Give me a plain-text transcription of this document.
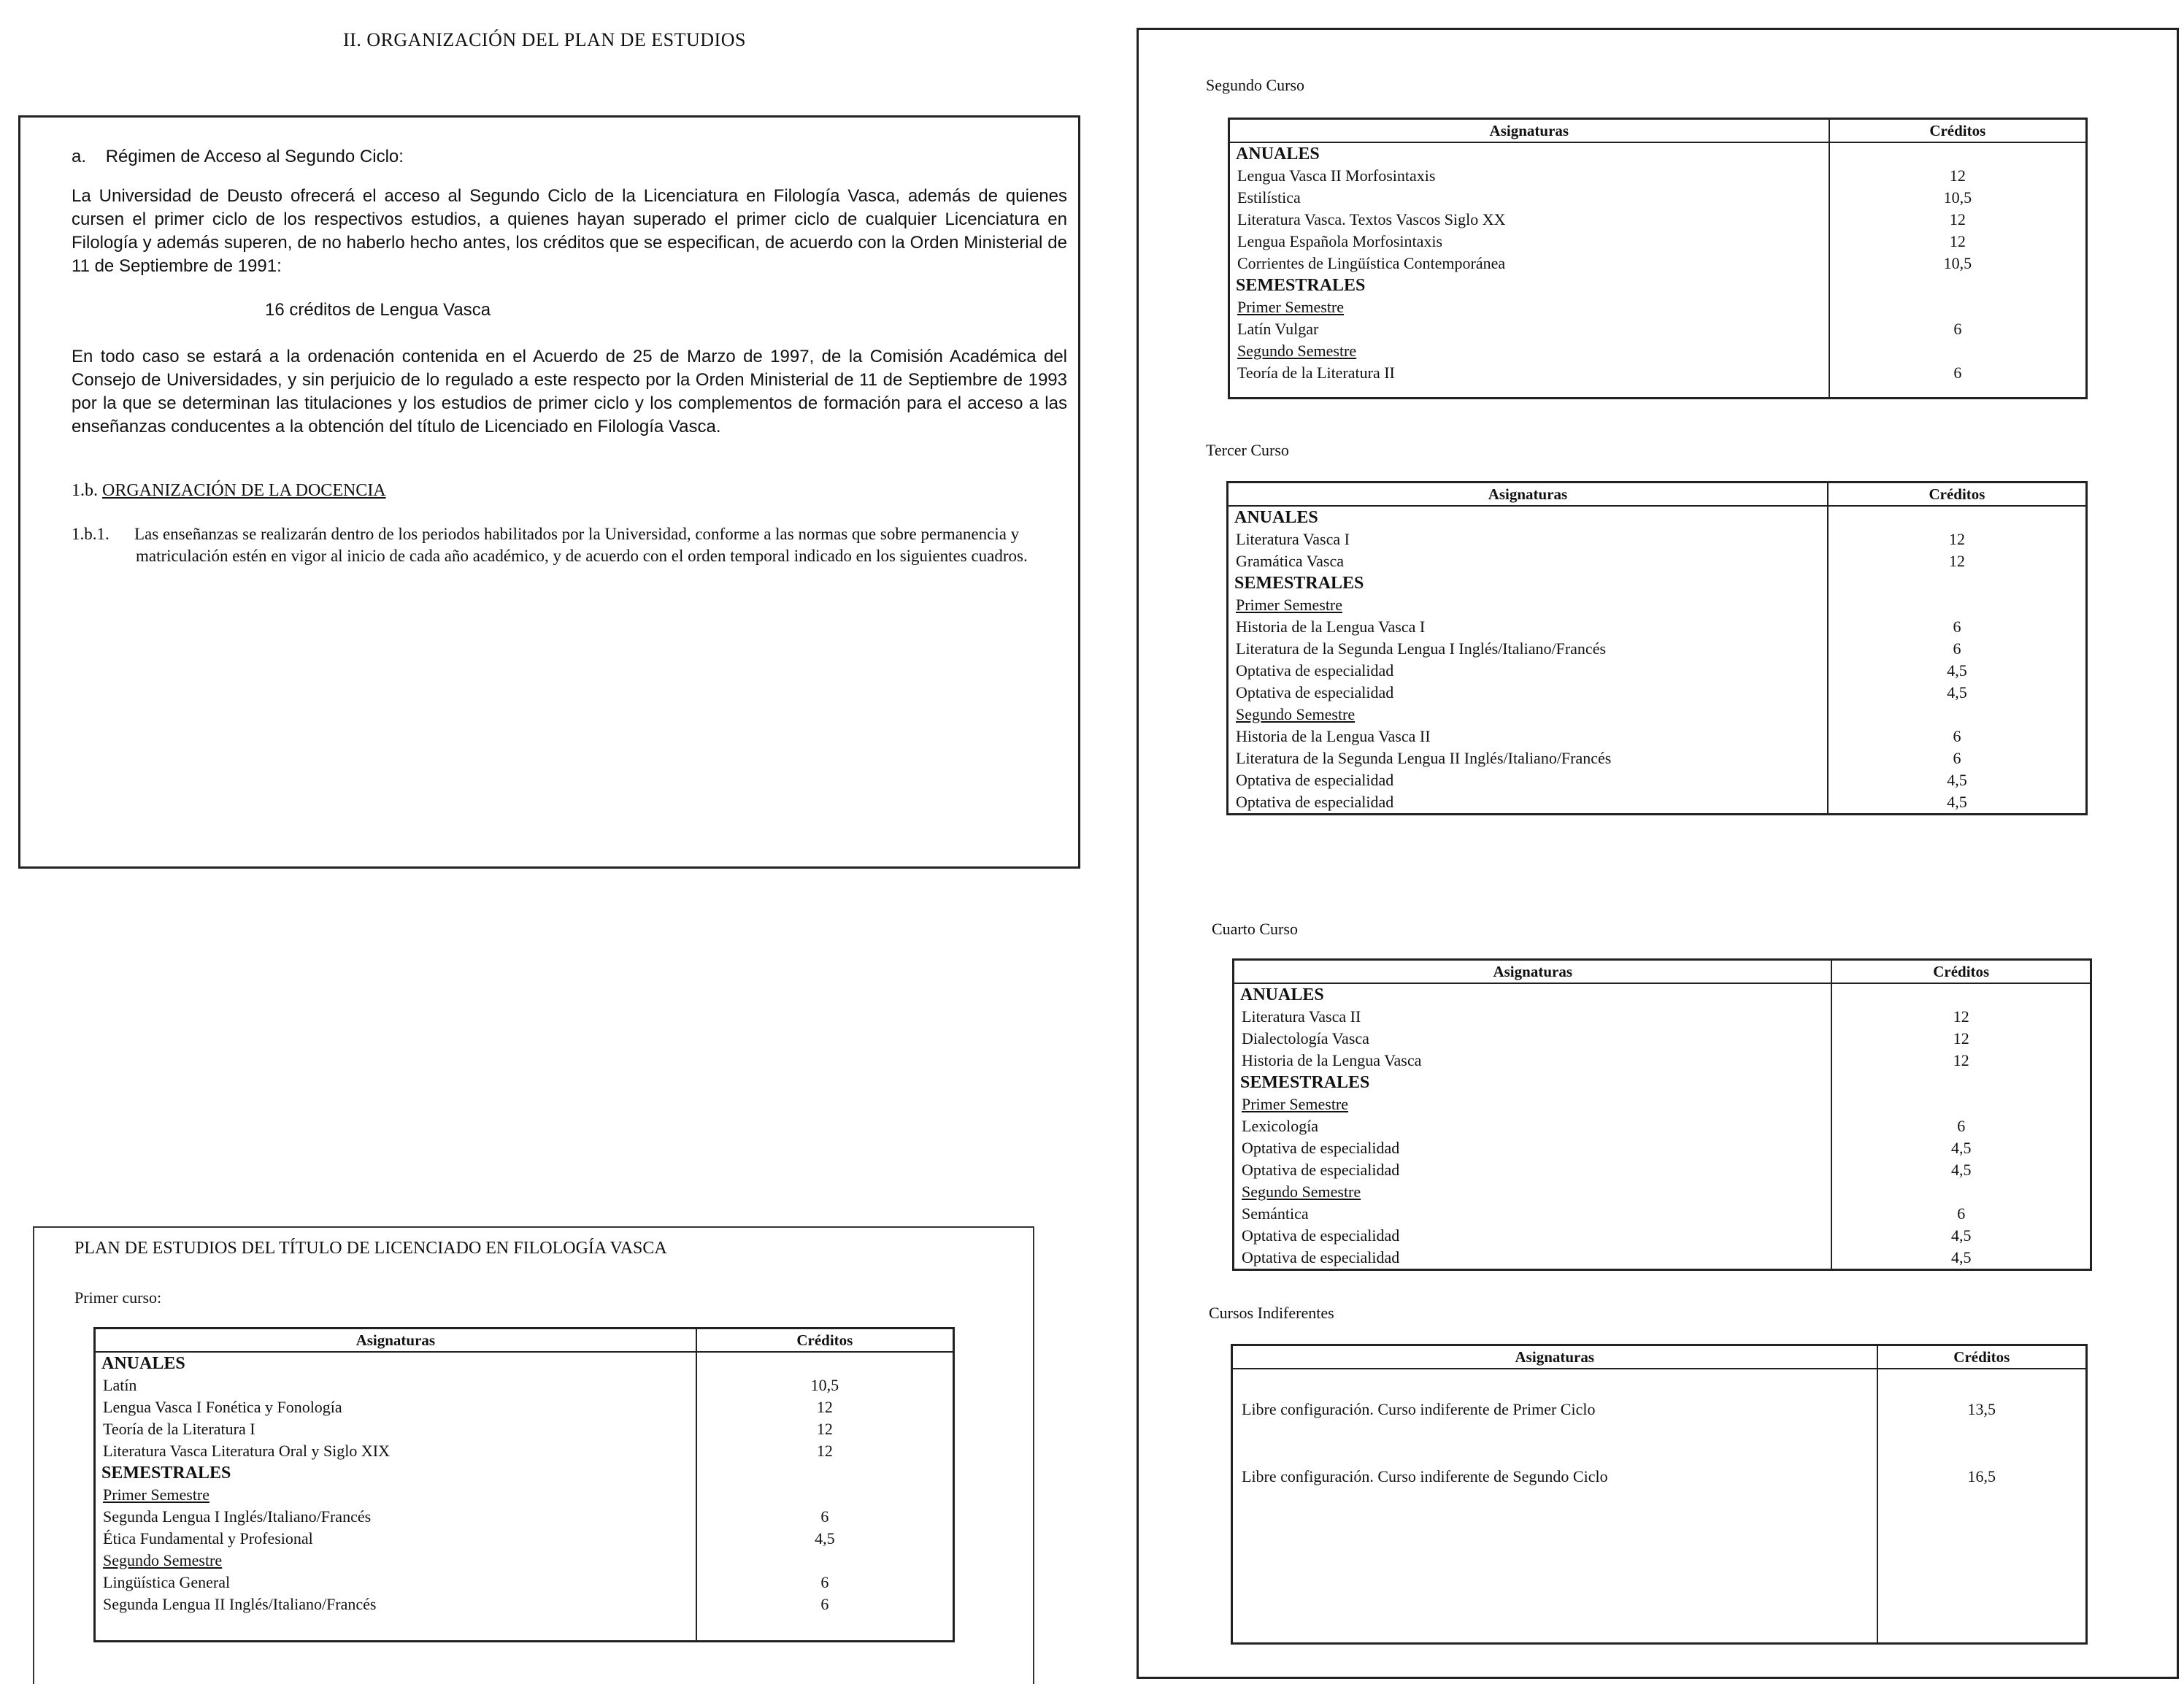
II. ORGANIZACIÓN DEL PLAN DE ESTUDIOS
a. Régimen de Acceso al Segundo Ciclo:
La Universidad de Deusto ofrecerá el acceso al Segundo Ciclo de la Licenciatura en Filología Vasca, además de quienes cursen el primer ciclo de los respectivos estudios, a quienes hayan superado el primer ciclo de cualquier Licenciatura en Filología y además superen, de no haberlo hecho antes, los créditos que se especifican, de acuerdo con la Orden Ministerial de 11 de Septiembre de 1991:
16 créditos de Lengua Vasca
En todo caso se estará a la ordenación contenida en el Acuerdo de 25 de Marzo de 1997, de la Comisión Académica del Consejo de Universidades, y sin perjuicio de lo regulado a este respecto por la Orden Ministerial de 11 de Septiembre de 1993 por la que se determinan las titulaciones y los estudios de primer ciclo y los complementos de formación para el acceso a las enseñanzas conducentes a la obtención del título de Licenciado en Filología Vasca.
1.b. ORGANIZACIÓN DE LA DOCENCIA
1.b.1.	Las enseñanzas se realizarán dentro de los periodos habilitados por la Universidad, conforme a las normas que sobre permanencia y matriculación estén en vigor al inicio de cada año académico, y de acuerdo con el orden temporal indicado en los siguientes cuadros.
PLAN DE ESTUDIOS DEL TÍTULO DE LICENCIADO EN FILOLOGÍA VASCA
Primer curso:
Asignaturas	Créditos
ANUALES	
Latín	10,5
Lengua Vasca I Fonética y Fonología	12
Teoría de la Literatura I	12
Literatura Vasca Literatura Oral y Siglo XIX	12
SEMESTRALES	
Primer Semestre	
Segunda Lengua I Inglés/Italiano/Francés	6
Ética Fundamental y Profesional	4,5
Segundo Semestre	
Lingüística General	6
Segunda Lengua II Inglés/Italiano/Francés	6

Segundo Curso
Asignaturas	Créditos
ANUALES	
Lengua Vasca II Morfosintaxis	12
Estilística	10,5
Literatura Vasca. Textos Vascos Siglo XX	12
Lengua Española Morfosintaxis	12
Corrientes de Lingüística Contemporánea	10,5
SEMESTRALES	
Primer Semestre	
Latín Vulgar	6
Segundo Semestre	
Teoría de la Literatura II	6

Tercer Curso
Asignaturas	Créditos
ANUALES	
Literatura Vasca I	12
Gramática Vasca	12
SEMESTRALES	
Primer Semestre	
Historia de la Lengua Vasca I	6
Literatura de la Segunda Lengua I Inglés/Italiano/Francés	6
Optativa de especialidad	4,5
Optativa de especialidad	4,5
Segundo Semestre	
Historia de la Lengua Vasca II	6
Literatura de la Segunda Lengua II Inglés/Italiano/Francés	6
Optativa de especialidad	4,5
Optativa de especialidad	4,5
Cuarto Curso
Asignaturas	Créditos
ANUALES	
Literatura Vasca II	12
Dialectología Vasca	12
Historia de la Lengua Vasca	12
SEMESTRALES	
Primer Semestre	
Lexicología	6
Optativa de especialidad	4,5
Optativa de especialidad	4,5
Segundo Semestre	
Semántica	6
Optativa de especialidad	4,5
Optativa de especialidad	4,5
Cursos Indiferentes
Asignaturas	Créditos

Libre configuración. Curso indiferente de Primer Ciclo	13,5
Libre configuración. Curso indiferente de Segundo Ciclo	16,5
